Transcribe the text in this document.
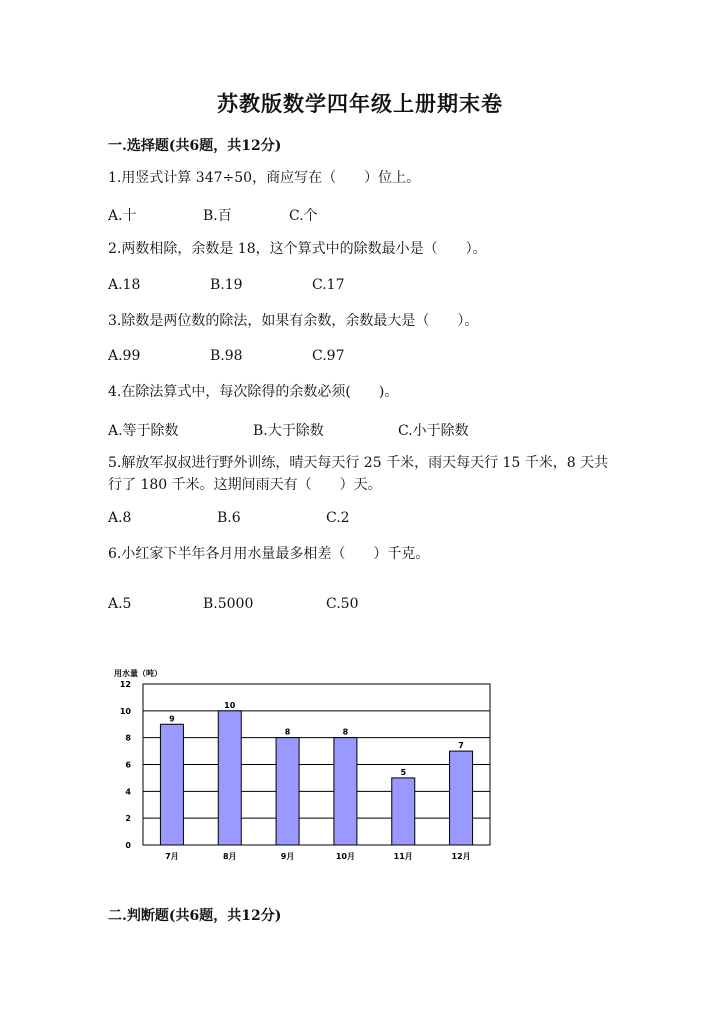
苏教版数学四年级上册期末卷
一.选择题(共6题，共12分)
1.用竖式计算 347÷50，商应写在（　　）位上。
A.十	B.百	C.个
2.两数相除，余数是 18，这个算式中的除数最小是（　　）。
A.18	B.19	C.17
3.除数是两位数的除法，如果有余数，余数最大是（　　）。
A.99	B.98	C.97
4.在除法算式中，每次除得的余数必须(　　)。
A.等于除数	B.大于除数	C.小于除数
5.解放军叔叔进行野外训练，晴天每天行 25 千米，雨天每天行 15 千米，8 天共行了 180 千米。这期间雨天有（　　）天。
A.8	B.6	C.2
6.小红家下半年各月用水量最多相差（　　）千克。
A.5	B.5000	C.50
用水量（吨）
0
2
4
6
8
10
12
9
7月
10
8月
8
9月
8
10月
5
11月
7
12月
二.判断题(共6题，共12分)
